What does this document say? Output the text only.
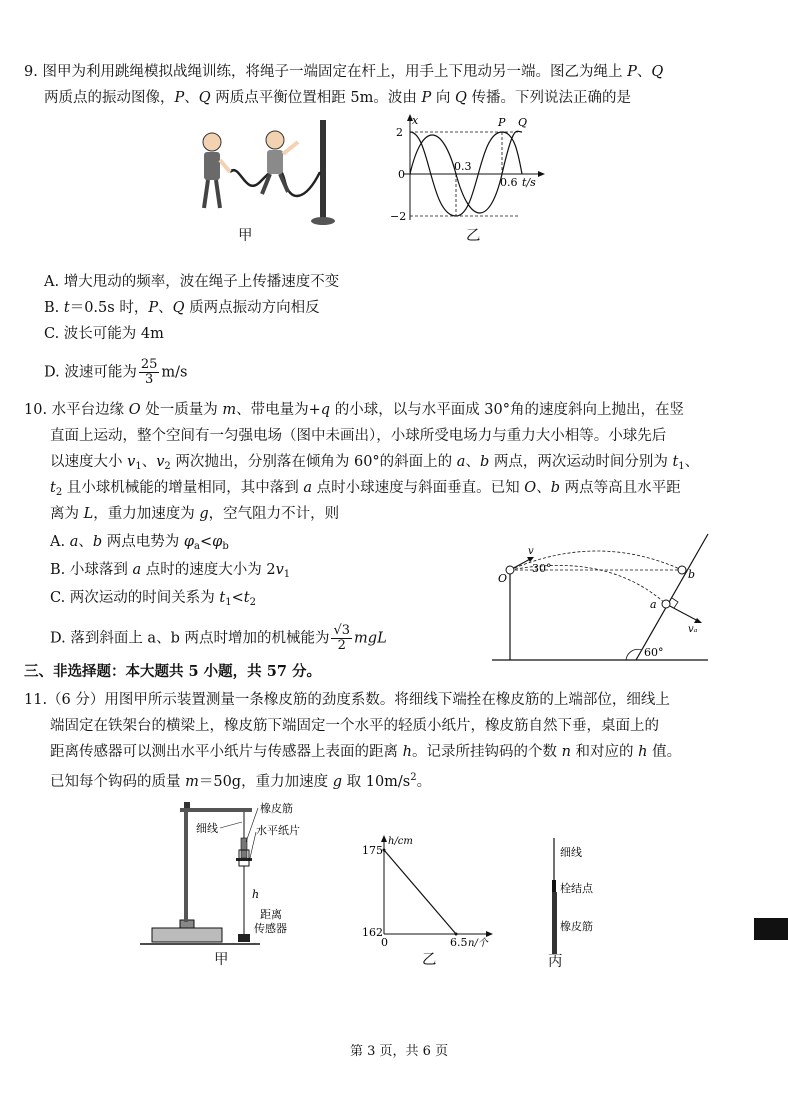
9. 图甲为利用跳绳模拟战绳训练，将绳子一端固定在杆上，用手上下甩动另一端。图乙为绳上 P、Q
两质点的振动图像，P、Q 两质点平衡位置相距 5m。波由 P 向 Q 传播。下列说法正确的是
甲
x
2
0
−2
0.3
0.6 t/s
P Q
乙
A. 增大甩动的频率，波在绳子上传播速度不变
B. t＝0.5s 时，P、Q 质两点振动方向相反
C. 波长可能为 4m
D. 波速可能为 $\frac{25}{3} m/s$
10. 水平台边缘 O 处一质量为 m、带电量为+q 的小球，以与水平面成 30°角的速度斜向上抛出，在竖
直面上运动，整个空间有一匀强电场（图中未画出），小球所受电场力与重力大小相等。小球先后
以速度大小 $v_1$、$v_2$ 两次抛出，分别落在倾角为 60°的斜面上的 a、b 两点，两次运动时间分别为 $t_1$、
$t_2$ 且小球机械能的增量相同，其中落到 a 点时小球速度与斜面垂直。已知 O、b 两点等高且水平距
离为 L，重力加速度为 g，空气阻力不计，则
A. a、b 两点电势为 $\varphi_a<\varphi_b$
B. 小球落到 a 点时的速度大小为 $2v_1$
C. 两次运动的时间关系为 $t_1<t_2$
D. 落到斜面上 a、b 两点时增加的机械能为 $\frac{√3}{2}$ mgL
O
v
30°	b
a
vₐ
60°
三、非选择题：本大题共 5 小题，共 57 分。
11.（6 分）用图甲所示装置测量一条橡皮筋的劲度系数。将细线下端拴在橡皮筋的上端部位，细线上
端固定在铁架台的横梁上，橡皮筋下端固定一个水平的轻质小纸片，橡皮筋自然下垂，桌面上的
距离传感器可以测出水平小纸片与传感器上表面的距离 h。记录所挂钩码的个数 n 和对应的 h 值。
已知每个钩码的质量 m＝50g，重力加速度 g 取 $10m/s^2$。
细线
橡皮筋
水平纸片
h
距离
传感器
甲
h/cm
175
162
0	6.5 n/个
乙
细线
栓结点
橡皮筋
丙
第 3 页，共 6 页
